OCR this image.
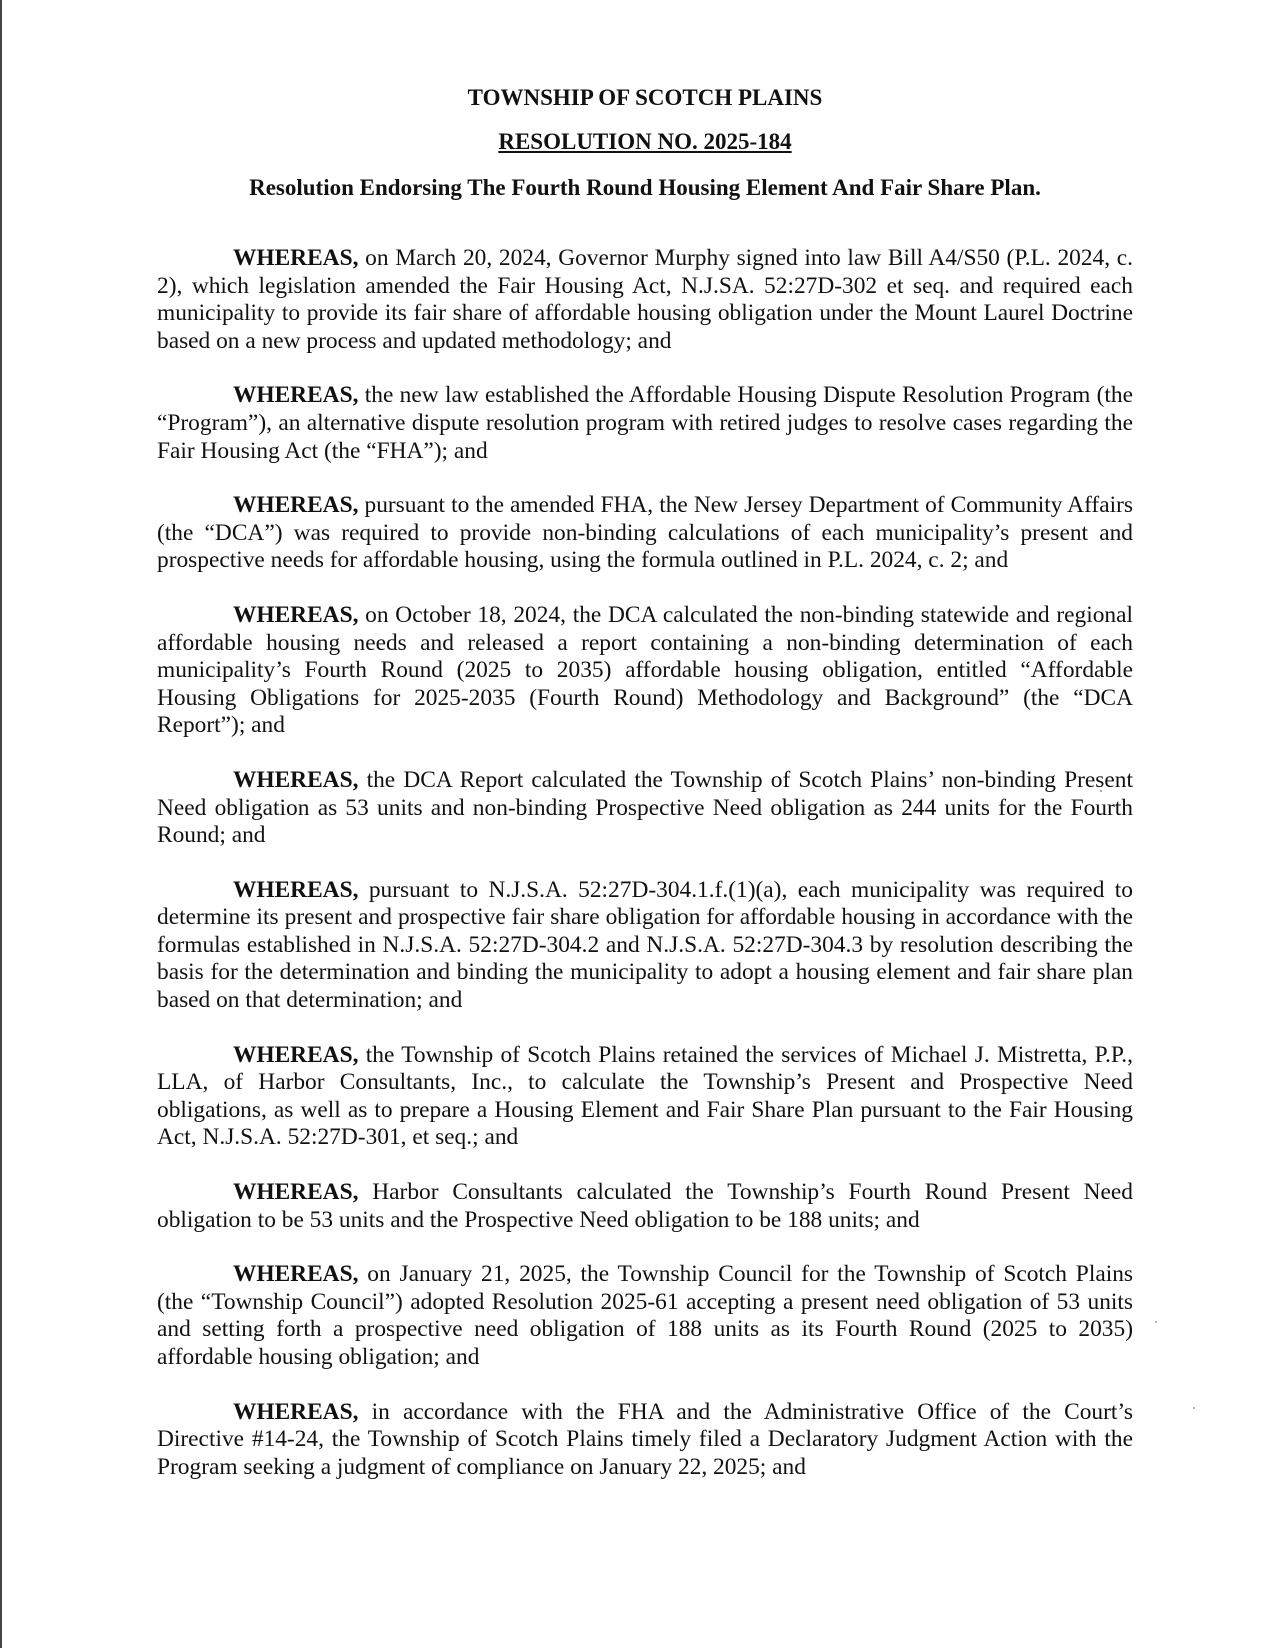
TOWNSHIP OF SCOTCH PLAINS
RESOLUTION NO. 2025-184
Resolution Endorsing The Fourth Round Housing Element And Fair Share Plan.

WHEREAS, on March 20, 2024, Governor Murphy signed into law Bill A4/S50 (P.L. 2024, c. 2), which legislation amended the Fair Housing Act, N.J.SA. 52:27D-302 et seq. and required each municipality to provide its fair share of affordable housing obligation under the Mount Laurel Doctrine based on a new process and updated methodology; and

WHEREAS, the new law established the Affordable Housing Dispute Resolution Program (the “Program”), an alternative dispute resolution program with retired judges to resolve cases regarding the Fair Housing Act (the “FHA”); and

WHEREAS, pursuant to the amended FHA, the New Jersey Department of Community Affairs (the “DCA”) was required to provide non-binding calculations of each municipality’s present and prospective needs for affordable housing, using the formula outlined in P.L. 2024, c. 2; and

WHEREAS, on October 18, 2024, the DCA calculated the non-binding statewide and regional affordable housing needs and released a report containing a non-binding determination of each municipality’s Fourth Round (2025 to 2035) affordable housing obligation, entitled “Affordable Housing Obligations for 2025-2035 (Fourth Round) Methodology and Background” (the “DCA Report”); and

WHEREAS, the DCA Report calculated the Township of Scotch Plains’ non-binding Present Need obligation as 53 units and non-binding Prospective Need obligation as 244 units for the Fourth Round; and

WHEREAS, pursuant to N.J.S.A. 52:27D-304.1.f.(1)(a), each municipality was required to determine its present and prospective fair share obligation for affordable housing in accordance with the formulas established in N.J.S.A. 52:27D-304.2 and N.J.S.A. 52:27D-304.3 by resolution describing the basis for the determination and binding the municipality to adopt a housing element and fair share plan based on that determination; and

WHEREAS, the Township of Scotch Plains retained the services of Michael J. Mistretta, P.P., LLA, of Harbor Consultants, Inc., to calculate the Township’s Present and Prospective Need obligations, as well as to prepare a Housing Element and Fair Share Plan pursuant to the Fair Housing Act, N.J.S.A. 52:27D-301, et seq.; and

WHEREAS, Harbor Consultants calculated the Township’s Fourth Round Present Need obligation to be 53 units and the Prospective Need obligation to be 188 units; and

WHEREAS, on January 21, 2025, the Township Council for the Township of Scotch Plains (the “Township Council”) adopted Resolution 2025-61 accepting a present need obligation of 53 units and setting forth a prospective need obligation of 188 units as its Fourth Round (2025 to 2035) affordable housing obligation; and

WHEREAS, in accordance with the FHA and the Administrative Office of the Court’s Directive #14-24, the Township of Scotch Plains timely filed a Declaratory Judgment Action with the Program seeking a judgment of compliance on January 22, 2025; and
